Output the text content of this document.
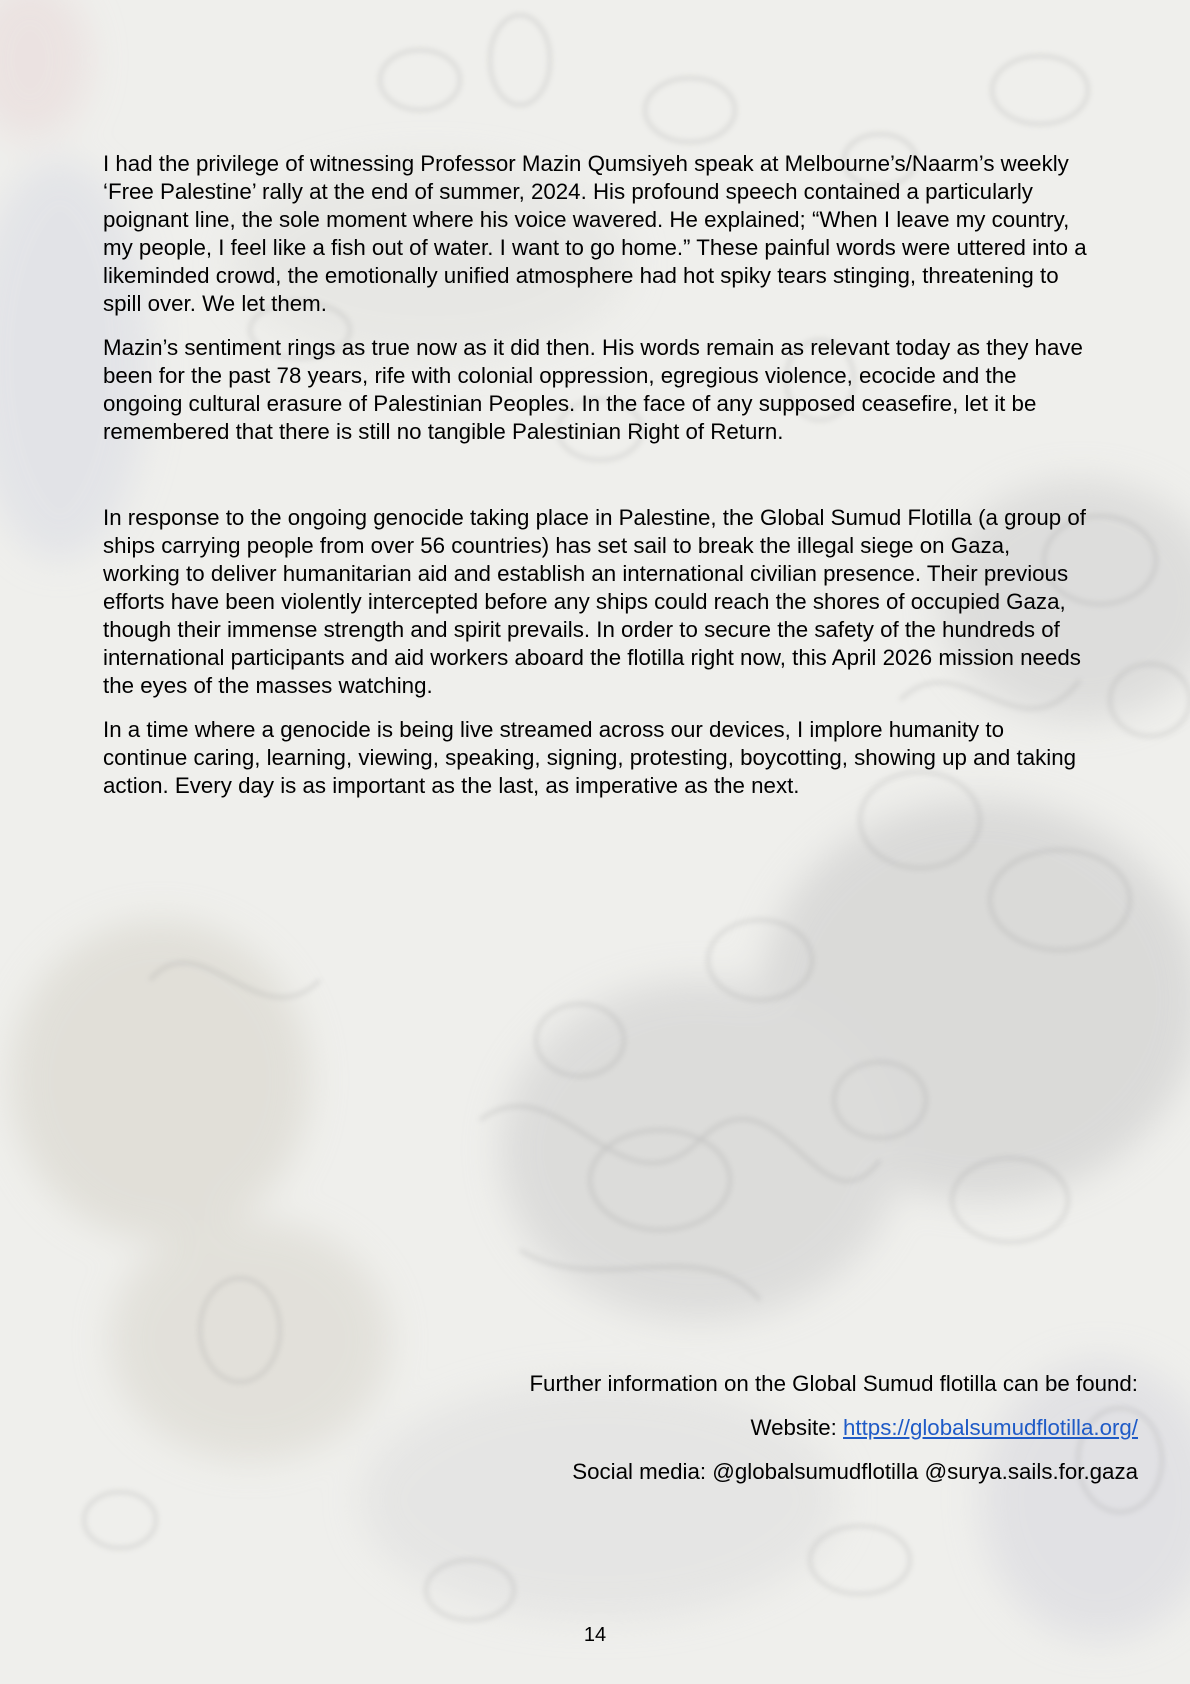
I had the privilege of witnessing Professor Mazin Qumsiyeh speak at Melbourne’s/Naarm’s weekly ‘Free Palestine’ rally at the end of summer, 2024. His profound speech contained a particularly poignant line, the sole moment where his voice wavered. He explained; “When I leave my country, my people, I feel like a fish out of water. I want to go home.” These painful words were uttered into a likeminded crowd, the emotionally unified atmosphere had hot spiky tears stinging, threatening to spill over. We let them.

Mazin’s sentiment rings as true now as it did then. His words remain as relevant today as they have been for the past 78 years, rife with colonial oppression, egregious violence, ecocide and the ongoing cultural erasure of Palestinian Peoples. In the face of any supposed ceasefire, let it be remembered that there is still no tangible Palestinian Right of Return.

In response to the ongoing genocide taking place in Palestine, the Global Sumud Flotilla (a group of ships carrying people from over 56 countries) has set sail to break the illegal siege on Gaza, working to deliver humanitarian aid and establish an international civilian presence. Their previous efforts have been violently intercepted before any ships could reach the shores of occupied Gaza, though their immense strength and spirit prevails. In order to secure the safety of the hundreds of international participants and aid workers aboard the flotilla right now, this April 2026 mission needs the eyes of the masses watching.

In a time where a genocide is being live streamed across our devices, I implore humanity to continue caring, learning, viewing, speaking, signing, protesting, boycotting, showing up and taking action. Every day is as important as the last, as imperative as the next.

Further information on the Global Sumud flotilla can be found:
Website: https://globalsumudflotilla.org/
Social media: @globalsumudflotilla @surya.sails.for.gaza
14
